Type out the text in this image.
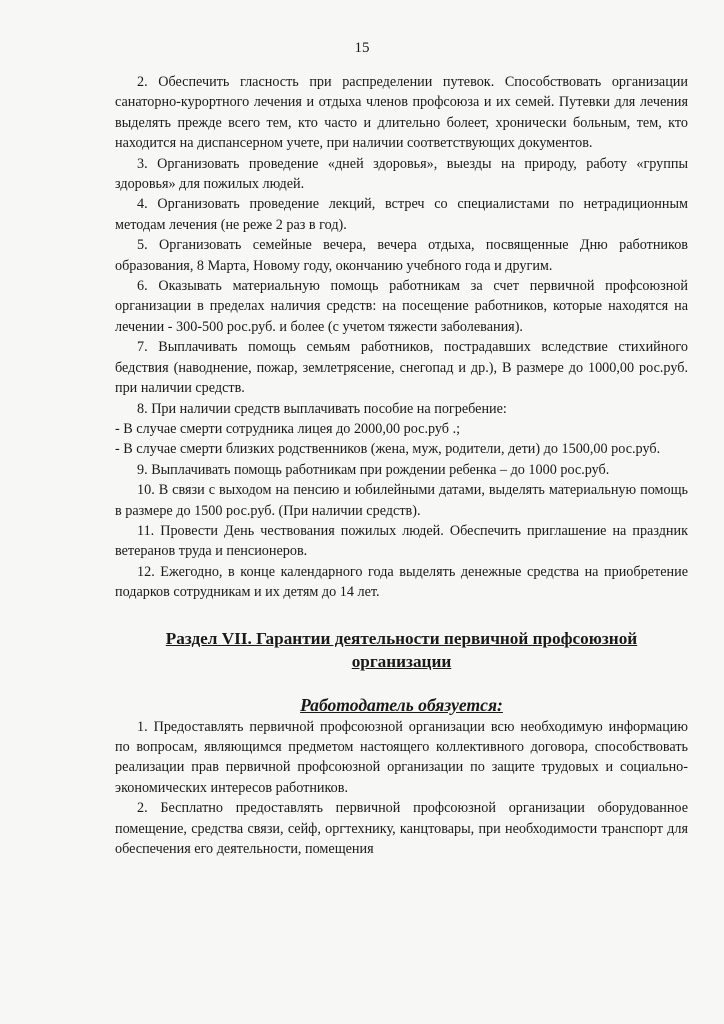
15

2. Обеспечить гласность при распределении путевок. Способствовать организации санаторно-курортного лечения и отдыха членов профсоюза и их семей. Путевки для лечения выделять прежде всего тем, кто часто и длительно болеет, хронически больным, тем, кто находится на диспансерном учете, при наличии соответствующих документов.

3. Организовать проведение «дней здоровья», выезды на природу, работу «группы здоровья» для пожилых людей.

4. Организовать проведение лекций, встреч со специалистами по нетрадиционным методам лечения (не реже 2 раз в год).

5. Организовать семейные вечера, вечера отдыха, посвященные Дню работников образования, 8 Марта, Новому году, окончанию учебного года и другим.

6. Оказывать материальную помощь работникам за счет первичной профсоюзной организации в пределах наличия средств: на посещение работников, которые находятся на лечении - 300-500 рос.руб. и более (с учетом тяжести заболевания).

7. Выплачивать помощь семьям работников, пострадавших вследствие стихийного бедствия (наводнение, пожар, землетрясение, снегопад и др.), В размере до 1000,00 рос.руб. при наличии средств.

8. При наличии средств выплачивать пособие на погребение:

- В случае смерти сотрудника лицея до 2000,00 рос.руб .;

- В случае смерти близких родственников (жена, муж, родители, дети) до 1500,00 рос.руб.

9. Выплачивать помощь работникам при рождении ребенка – до 1000 рос.руб.

10. В связи с выходом на пенсию и юбилейными датами, выделять материальную помощь в размере до 1500 рос.руб. (При наличии средств).

11. Провести День чествования пожилых людей. Обеспечить приглашение на праздник ветеранов труда и пенсионеров.

12. Ежегодно, в конце календарного года выделять денежные средства на приобретение подарков сотрудникам и их детям до 14 лет.

Раздел VII. Гарантии деятельности первичной профсоюзной
организации
Работодатель обязуется:

1. Предоставлять первичной профсоюзной организации всю необходимую информацию по вопросам, являющимся предметом настоящего коллективного договора, способствовать реализации прав первичной профсоюзной организации по защите трудовых и социально-экономических интересов работников.

2. Бесплатно предоставлять первичной профсоюзной организации оборудованное помещение, средства связи, сейф, оргтехнику, канцтовары, при необходимости транспорт для обеспечения его деятельности, помещения
